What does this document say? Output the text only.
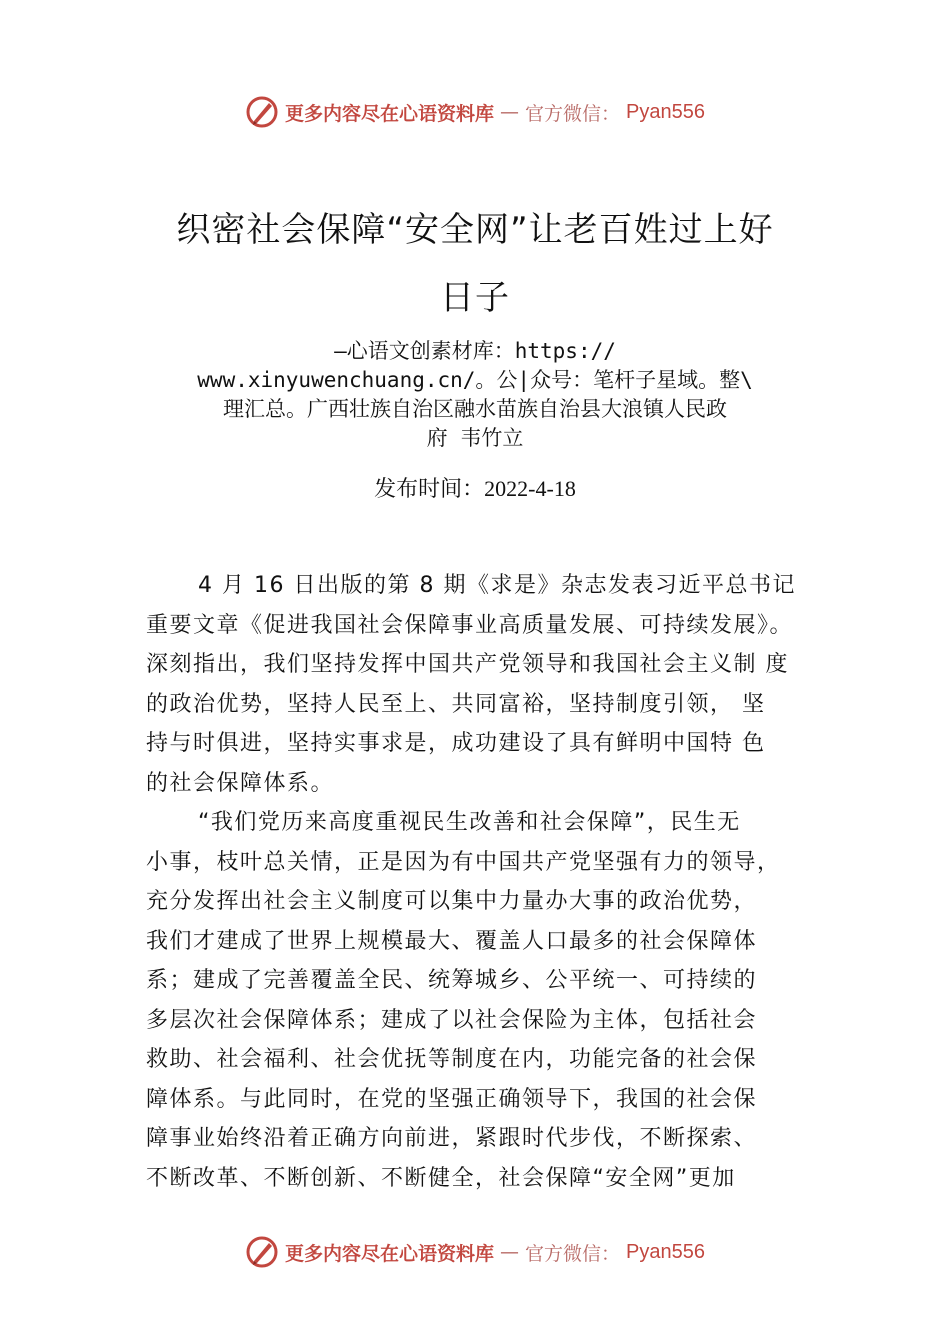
更多内容尽在心语资料库 — 官方微信： Pyan556
织密社会保障“安全网”让老百姓过上好
日子
—心语文创素材库：https://
www.xinyuwenchuang.cn/。公|众号：笔杆子星域。整\
理汇总。广西壮族自治区融水苗族自治县大浪镇人民政
府 韦竹立
发布时间：2022-4-18
4 月 16 日出版的第 8 期《求是》杂志发表习近平总书记
重要文章《促进我国社会保障事业高质量发展、可持续发展》。
深刻指出，我们坚持发挥中国共产党领导和我国社会主义制 度
的政治优势，坚持人民至上、共同富裕，坚持制度引领， 坚
持与时俱进，坚持实事求是，成功建设了具有鲜明中国特 色
的社会保障体系。
“我们党历来高度重视民生改善和社会保障”，民生无
小事，枝叶总关情，正是因为有中国共产党坚强有力的领导，
充分发挥出社会主义制度可以集中力量办大事的政治优势，
我们才建成了世界上规模最大、覆盖人口最多的社会保障体
系；建成了完善覆盖全民、统筹城乡、公平统一、可持续的
多层次社会保障体系；建成了以社会保险为主体，包括社会
救助、社会福利、社会优抚等制度在内，功能完备的社会保
障体系。与此同时，在党的坚强正确领导下，我国的社会保
障事业始终沿着正确方向前进，紧跟时代步伐，不断探索、
不断改革、不断创新、不断健全，社会保障“安全网”更加
更多内容尽在心语资料库 — 官方微信： Pyan556
